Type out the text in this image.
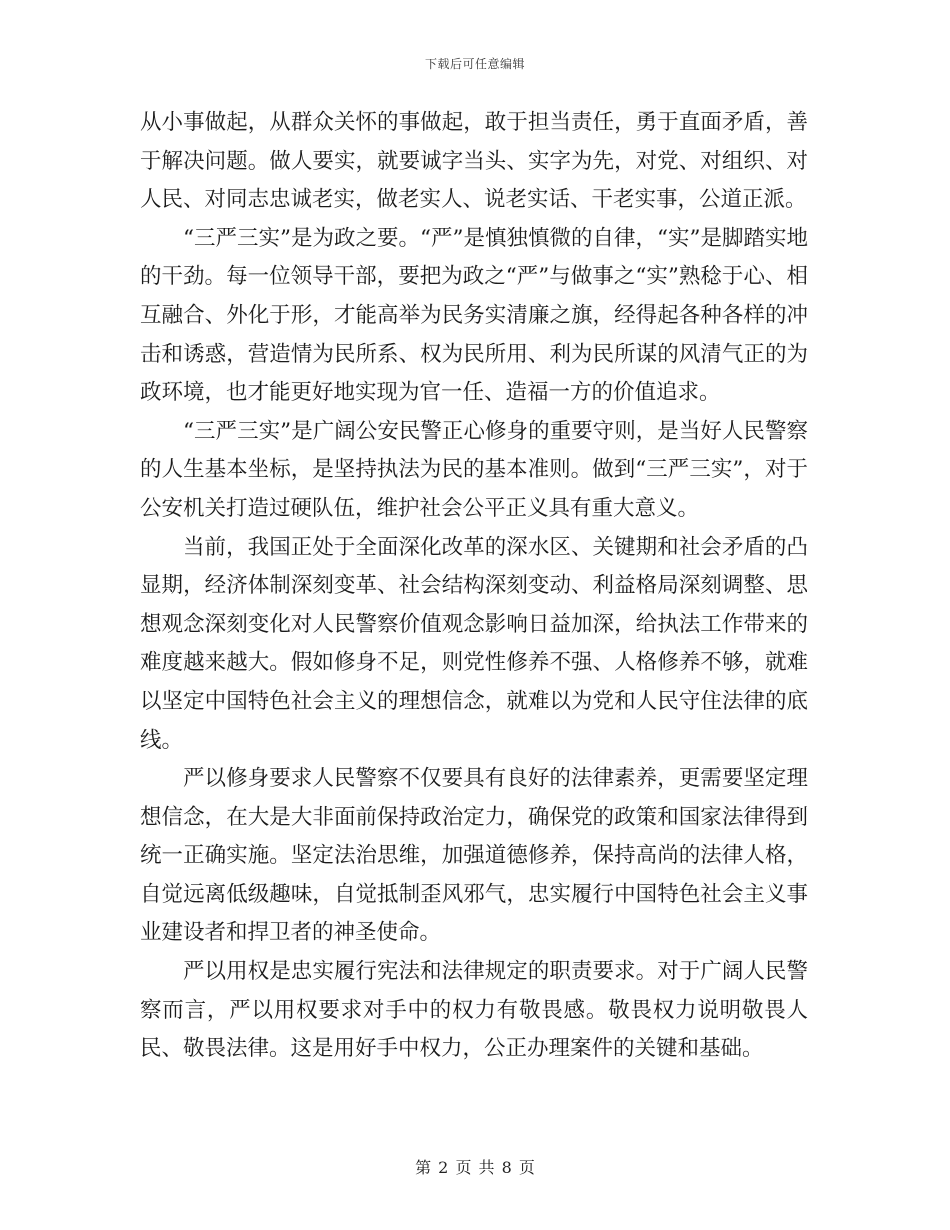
下载后可任意编辑

从小事做起，从群众关怀的事做起，敢于担当责任，勇于直面矛盾，善于解决问题。做人要实，就要诚字当头、实字为先，对党、对组织、对人民、对同志忠诚老实，做老实人、说老实话、干老实事，公道正派。

“三严三实”是为政之要。“严”是慎独慎微的自律，“实”是脚踏实地的干劲。每一位领导干部，要把为政之“严”与做事之“实”熟稔于心、相互融合、外化于形，才能高举为民务实清廉之旗，经得起各种各样的冲击和诱惑，营造情为民所系、权为民所用、利为民所谋的风清气正的为政环境，也才能更好地实现为官一任、造福一方的价值追求。

“三严三实”是广阔公安民警正心修身的重要守则，是当好人民警察的人生基本坐标，是坚持执法为民的基本准则。做到“三严三实”，对于公安机关打造过硬队伍，维护社会公平正义具有重大意义。

当前，我国正处于全面深化改革的深水区、关键期和社会矛盾的凸显期，经济体制深刻变革、社会结构深刻变动、利益格局深刻调整、思想观念深刻变化对人民警察价值观念影响日益加深，给执法工作带来的难度越来越大。假如修身不足，则党性修养不强、人格修养不够，就难以坚定中国特色社会主义的理想信念，就难以为党和人民守住法律的底线。

严以修身要求人民警察不仅要具有良好的法律素养，更需要坚定理想信念，在大是大非面前保持政治定力，确保党的政策和国家法律得到统一正确实施。坚定法治思维，加强道德修养，保持高尚的法律人格，自觉远离低级趣味，自觉抵制歪风邪气，忠实履行中国特色社会主义事业建设者和捍卫者的神圣使命。

严以用权是忠实履行宪法和法律规定的职责要求。对于广阔人民警察而言，严以用权要求对手中的权力有敬畏感。敬畏权力说明敬畏人民、敬畏法律。这是用好手中权力，公正办理案件的关键和基础。

第 2 页 共 8 页
